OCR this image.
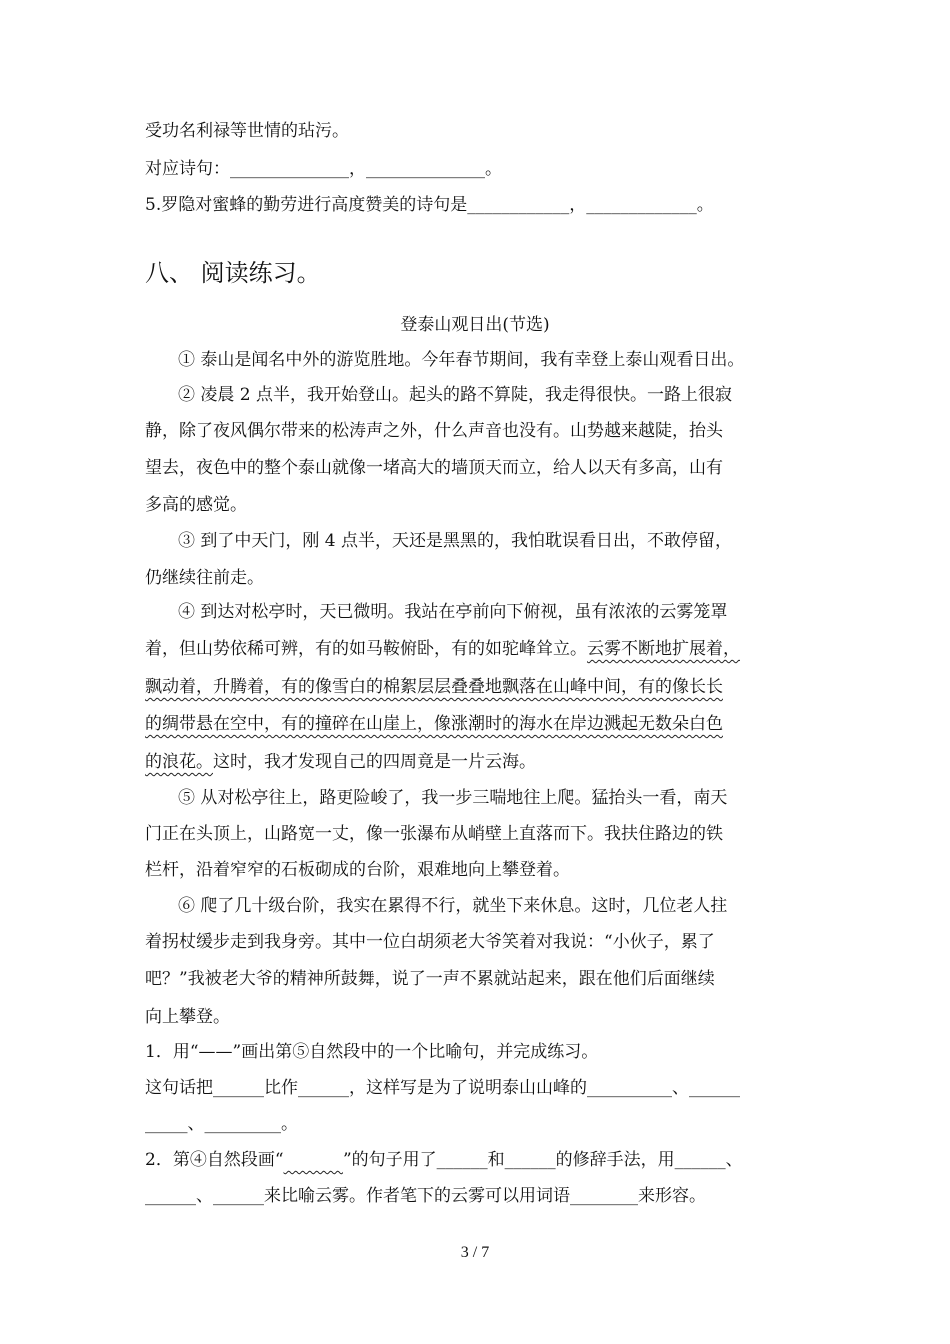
受功名利禄等世情的玷污。
对应诗句：______________，______________。
5.罗隐对蜜蜂的勤劳进行高度赞美的诗句是____________，_____________。
八、 阅读练习。
登泰山观日出(节选)
① 泰山是闻名中外的游览胜地。今年春节期间，我有幸登上泰山观看日出。
② 凌晨 2 点半，我开始登山。起头的路不算陡，我走得很快。一路上很寂
静，除了夜风偶尔带来的松涛声之外，什么声音也没有。山势越来越陡，抬头
望去，夜色中的整个泰山就像一堵高大的墙顶天而立，给人以天有多高，山有
多高的感觉。
③ 到了中天门，刚 4 点半，天还是黑黑的，我怕耽误看日出，不敢停留，
仍继续往前走。
④ 到达对松亭时，天已微明。我站在亭前向下俯视，虽有浓浓的云雾笼罩
着，但山势依稀可辨，有的如马鞍俯卧，有的如驼峰耸立。云雾不断地扩展着，
飘动着，升腾着，有的像雪白的棉絮层层叠叠地飘落在山峰中间，有的像长长
的绸带悬在空中，有的撞碎在山崖上，像涨潮时的海水在岸边溅起无数朵白色
的浪花。这时，我才发现自己的四周竟是一片云海。
⑤ 从对松亭往上，路更险峻了，我一步三喘地往上爬。猛抬头一看，南天
门正在头顶上，山路宽一丈，像一张瀑布从峭壁上直落而下。我扶住路边的铁
栏杆，沿着窄窄的石板砌成的台阶，艰难地向上攀登着。
⑥ 爬了几十级台阶，我实在累得不行，就坐下来休息。这时，几位老人拄
着拐杖缓步走到我身旁。其中一位白胡须老大爷笑着对我说：“小伙子，累了
吧？”我被老大爷的精神所鼓舞，说了一声不累就站起来，跟在他们后面继续
向上攀登。
1．用“——”画出第⑤自然段中的一个比喻句，并完成练习。
这句话把______比作______，这样写是为了说明泰山山峰的__________、______
_____、_________。
2．第④自然段画“	”的句子用了______和______的修辞手法，用______、
______、______来比喻云雾。作者笔下的云雾可以用词语________来形容。
3 / 7
